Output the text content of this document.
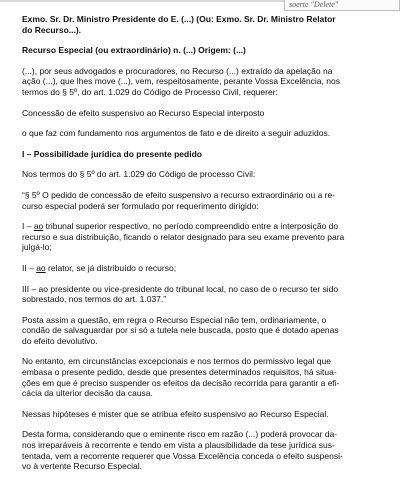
soerte "Delete"
Exmo. Sr. Dr. Ministro Presidente do E. (...) (Ou: Exmo. Sr. Dr. Ministro Relator
do Recurso...).

Recurso Especial (ou extraordinário) n. (...) Origem: (...)

(...), por seus advogados e procuradores, no Recurso (...) extraído da apelação na
ação (...), que lhes move (...), vem, respeitosamente, perante Vossa Excelência, nos
termos do § 5º, do art. 1.029 do Código de Processo Civil, requerer:

Concessão de efeito suspensivo ao Recurso Especial interposto

o que faz com fundamento nos argumentos de fato e de direito a seguir aduzidos.

I – Possibilidade jurídica do presente pedido

Nos termos do § 5º do art. 1.029 do Código de processo Civil:

“§ 5º O pedido de concessão de efeito suspensivo a recurso extraordinário ou a re-
curso especial poderá ser formulado por requerimento dirigido:

I – ao tribunal superior respectivo, no período compreendido entre a interposição do
recurso e sua distribuição, ficando o relator designado para seu exame prevento para
julgá-lo;

II – ao relator, se já distribuído o recurso;

III – ao presidente ou vice-presidente do tribunal local, no caso de o recurso ter sido
sobrestado, nos termos do art. 1.037.”

Posta assim a questão, em regra o Recurso Especial não tem, ordinariamente, o
condão de salvaguardar por si só a tutela nele buscada, posto que é dotado apenas
do efeito devolutivo.

No entanto, em circunstâncias excepcionais e nos termos do permissivo legal que
embasa o presente pedido, desde que presentes determinados requisitos, há situa-
ções em que é preciso suspender os efeitos da decisão recorrida para garantir a efi-
cácia da ulterior decisão da causa.

Nessas hipóteses é mister que se atribua efeito suspensivo ao Recurso Especial.

Desta forma, considerando que o eminente risco em razão (...) poderá provocar da-
nos irreparáveis à recorrente e tendo em vista a plausibilidade da tese jurídica sus-
tentada, vem a recorrente requerer que Vossa Excelência conceda o efeito suspensi-
vo à vertente Recurso Especial.
